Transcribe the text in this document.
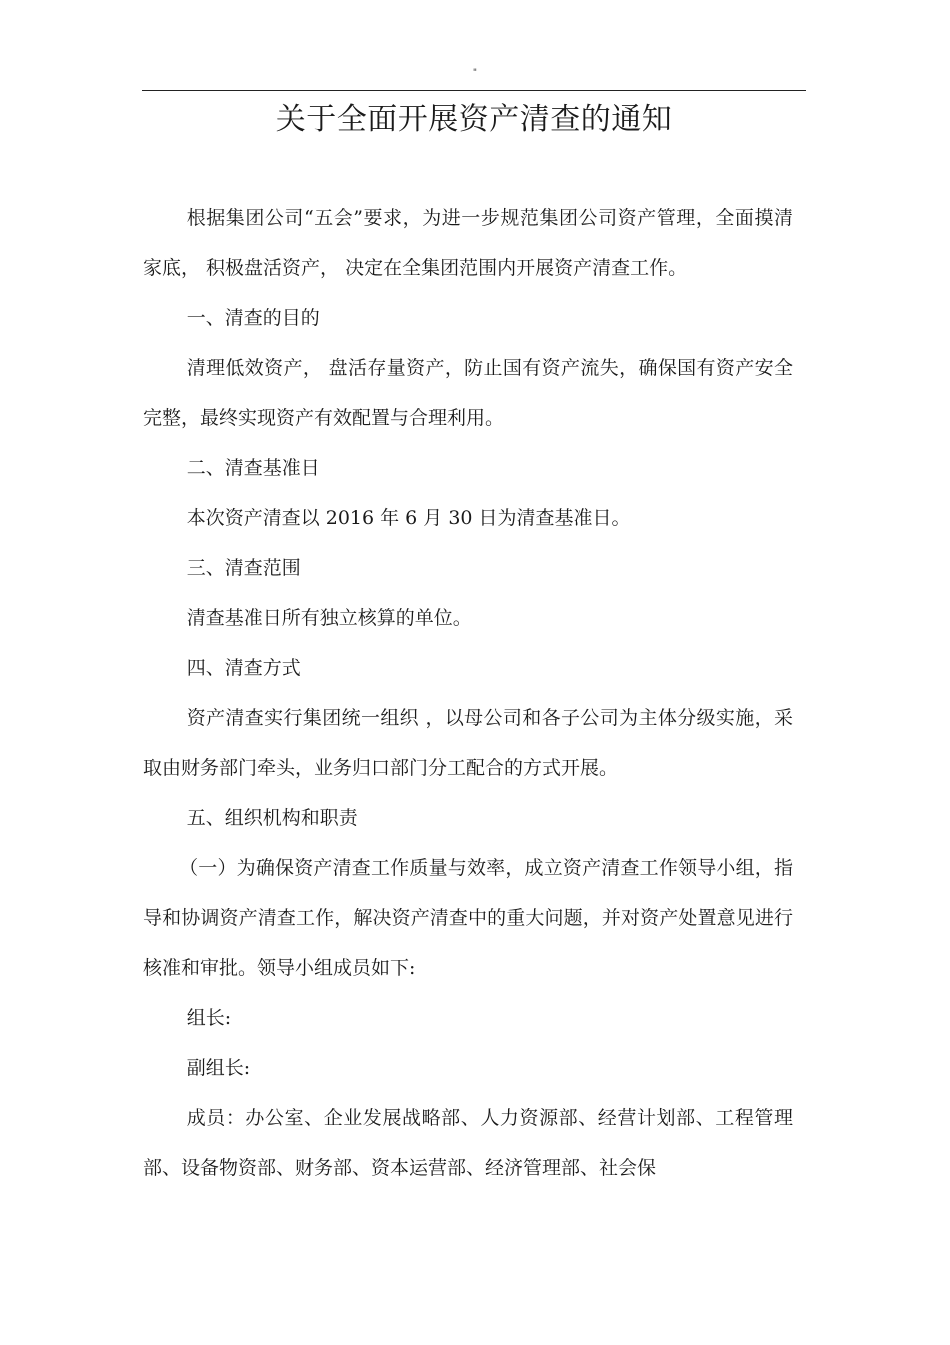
"
关于全面开展资产清查的通知

根据集团公司“五会”要求，为进一步规范集团公司资产管理，全面摸清家底， 积极盘活资产， 决定在全集团范围内开展资产清查工作。

一、清查的目的

清理低效资产， 盘活存量资产，防止国有资产流失，确保国有资产安全完整，最终实现资产有效配置与合理利用。

二、清查基准日

本次资产清查以 2016 年 6 月 30 日为清查基准日。

三、清查范围

清查基准日所有独立核算的单位。

四、清查方式

资产清查实行集团统一组织 ，以母公司和各子公司为主体分级实施，采取由财务部门牵头，业务归口部门分工配合的方式开展。

五、组织机构和职责

（一）为确保资产清查工作质量与效率，成立资产清查工作领导小组，指导和协调资产清查工作，解决资产清查中的重大问题，并对资产处置意见进行核准和审批。领导小组成员如下:

组长:

副组长:

成员：办公室、企业发展战略部、人力资源部、经营计划部、工程管理部、设备物资部、财务部、资本运营部、经济管理部、社会保
